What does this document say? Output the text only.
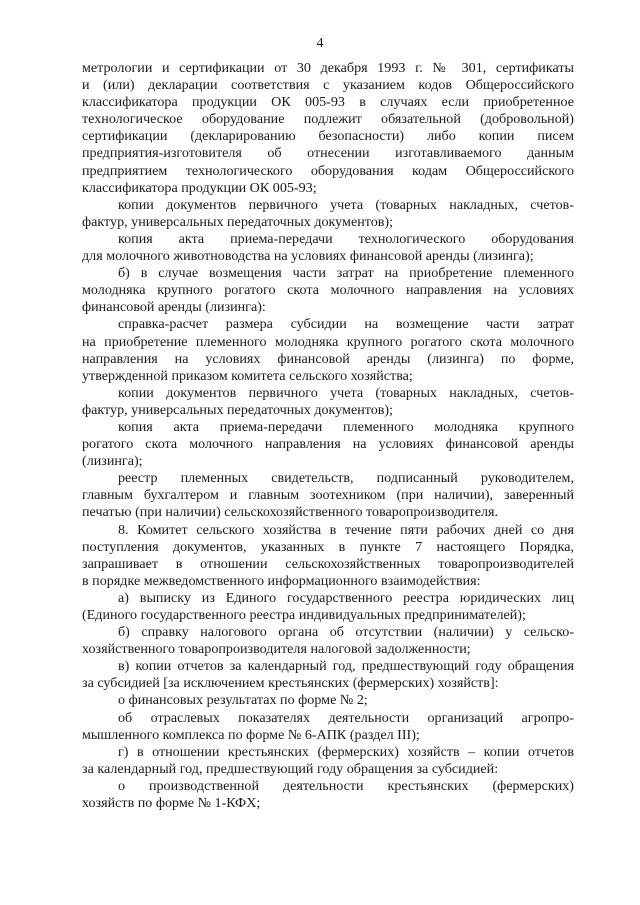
4
метрологии и сертификации от 30 декабря 1993 г. № 301, сертификаты
и (или) декларации соответствия с указанием кодов Общероссийского
классификатора продукции ОК 005-93 в случаях если приобретенное
технологическое оборудование подлежит обязательной (добровольной)
сертификации (декларированию безопасности) либо копии писем
предприятия-изготовителя об отнесении изготавливаемого данным
предприятием технологического оборудования кодам Общероссийского
классификатора продукции ОК 005-93;
копии документов первичного учета (товарных накладных, счетов-
фактур, универсальных передаточных документов);
копия акта приема-передачи технологического оборудования
для молочного животноводства на условиях финансовой аренды (лизинга);
б) в случае возмещения части затрат на приобретение племенного
молодняка крупного рогатого скота молочного направления на условиях
финансовой аренды (лизинга):
справка-расчет размера субсидии на возмещение части затрат
на приобретение племенного молодняка крупного рогатого скота молочного
направления на условиях финансовой аренды (лизинга) по форме,
утвержденной приказом комитета сельского хозяйства;
копии документов первичного учета (товарных накладных, счетов-
фактур, универсальных передаточных документов);
копия акта приема-передачи племенного молодняка крупного
рогатого скота молочного направления на условиях финансовой аренды
(лизинга);
реестр племенных свидетельств, подписанный руководителем,
главным бухгалтером и главным зоотехником (при наличии), заверенный
печатью (при наличии) сельскохозяйственного товаропроизводителя.
8. Комитет сельского хозяйства в течение пяти рабочих дней со дня
поступления документов, указанных в пункте 7 настоящего Порядка,
запрашивает в отношении сельскохозяйственных товаропроизводителей
в порядке межведомственного информационного взаимодействия:
а) выписку из Единого государственного реестра юридических лиц
(Единого государственного реестра индивидуальных предпринимателей);
б) справку налогового органа об отсутствии (наличии) у сельско-
хозяйственного товаропроизводителя налоговой задолженности;
в) копии отчетов за календарный год, предшествующий году обращения
за субсидией [за исключением крестьянских (фермерских) хозяйств]:
о финансовых результатах по форме № 2;
об отраслевых показателях деятельности организаций агропро-
мышленного комплекса по форме № 6-АПК (раздел III);
г) в отношении крестьянских (фермерских) хозяйств – копии отчетов
за календарный год, предшествующий году обращения за субсидией:
о производственной деятельности крестьянских (фермерских)
хозяйств по форме № 1-КФХ;
